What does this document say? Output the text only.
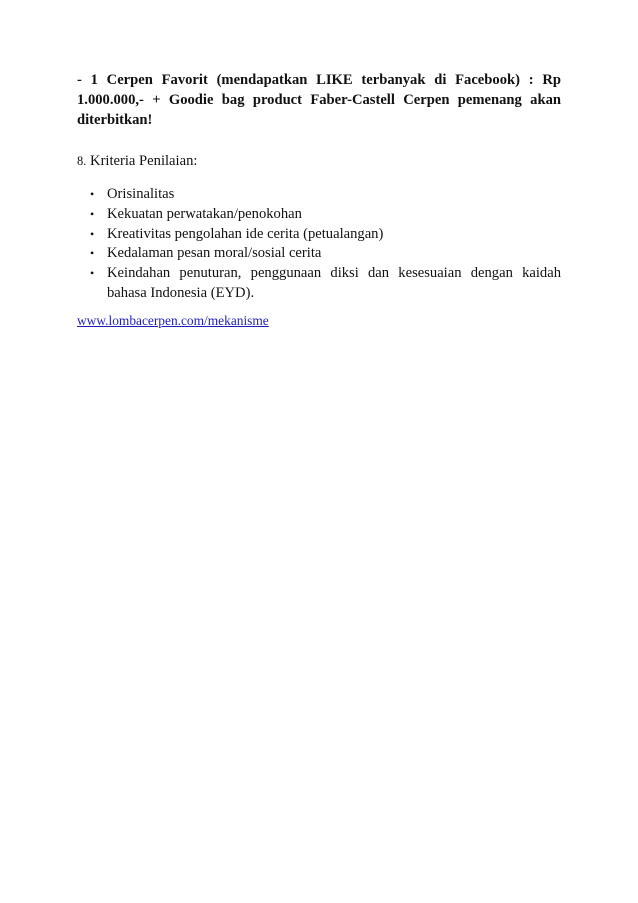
- 1 Cerpen Favorit (mendapatkan LIKE terbanyak di Facebook) : Rp 1.000.000,- + Goodie bag product Faber-Castell Cerpen pemenang akan diterbitkan!

8. Kriteria Penilaian:
• Orisinalitas
• Kekuatan perwatakan/penokohan
• Kreativitas pengolahan ide cerita (petualangan)
• Kedalaman pesan moral/sosial cerita
• Keindahan penuturan, penggunaan diksi dan kesesuaian dengan kaidah bahasa Indonesia (EYD).
www.lombacerpen.com/mekanisme
